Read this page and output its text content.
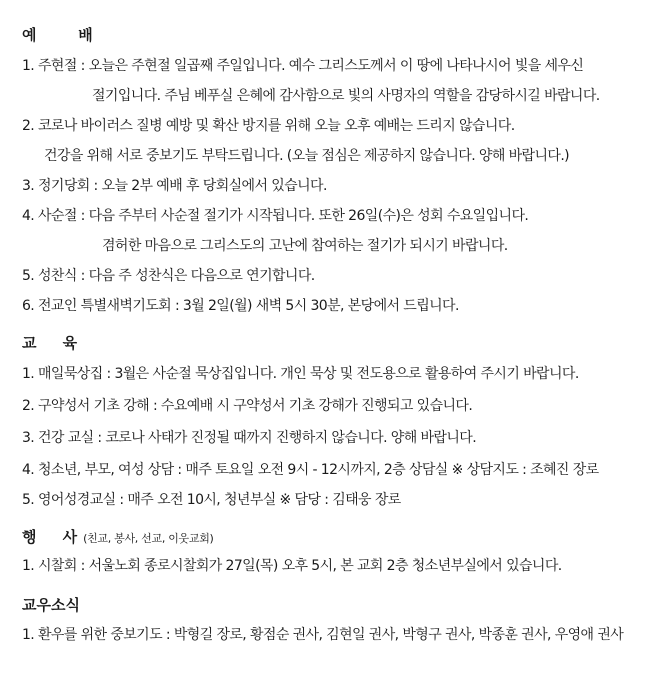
예        배
1. 주현절 : 오늘은 주현절 일곱째 주일입니다. 예수 그리스도께서 이 땅에 나타나시어 빛을 세우신
절기입니다. 주님 베푸실 은혜에 감사함으로 빛의 사명자의 역할을 감당하시길 바랍니다.
2. 코로나 바이러스 질병 예방 및 확산 방지를 위해 오늘 오후 예배는 드리지 않습니다.
건강을 위해 서로 중보기도 부탁드립니다. (오늘 점심은 제공하지 않습니다. 양해 바랍니다.)
3. 정기당회 : 오늘 2부 예배 후 당회실에서 있습니다.
4. 사순절 : 다음 주부터 사순절 절기가 시작됩니다. 또한 26일(수)은 성회 수요일입니다.
겸허한 마음으로 그리스도의 고난에 참여하는 절기가 되시기 바랍니다.
5. 성찬식 : 다음 주 성찬식은 다음으로 연기합니다.
6. 전교인 특별새벽기도회 : 3월 2일(월) 새벽 5시 30분, 본당에서 드립니다.
교     육
1. 매일묵상집 : 3월은 사순절 묵상집입니다. 개인 묵상 및 전도용으로 활용하여 주시기 바랍니다.
2. 구약성서 기초 강해 : 수요예배 시 구약성서 기초 강해가 진행되고 있습니다.
3. 건강 교실 : 코로나 사태가 진정될 때까지 진행하지 않습니다. 양해 바랍니다.
4. 청소년, 부모, 여성 상담 : 매주 토요일 오전 9시 - 12시까지, 2층 상담실 ※ 상담지도 : 조혜진 장로
5. 영어성경교실 : 매주 오전 10시, 청년부실 ※ 담당 : 김태웅 장로
행     사 (친교, 봉사, 선교, 이웃교회)
1. 시찰회 : 서울노회 종로시찰회가 27일(목) 오후 5시, 본 교회 2층 청소년부실에서 있습니다.
교우소식
1. 환우를 위한 중보기도 : 박형길 장로, 황점순 권사, 김현일 권사, 박형구 권사, 박종훈 권사, 우영애 권사
